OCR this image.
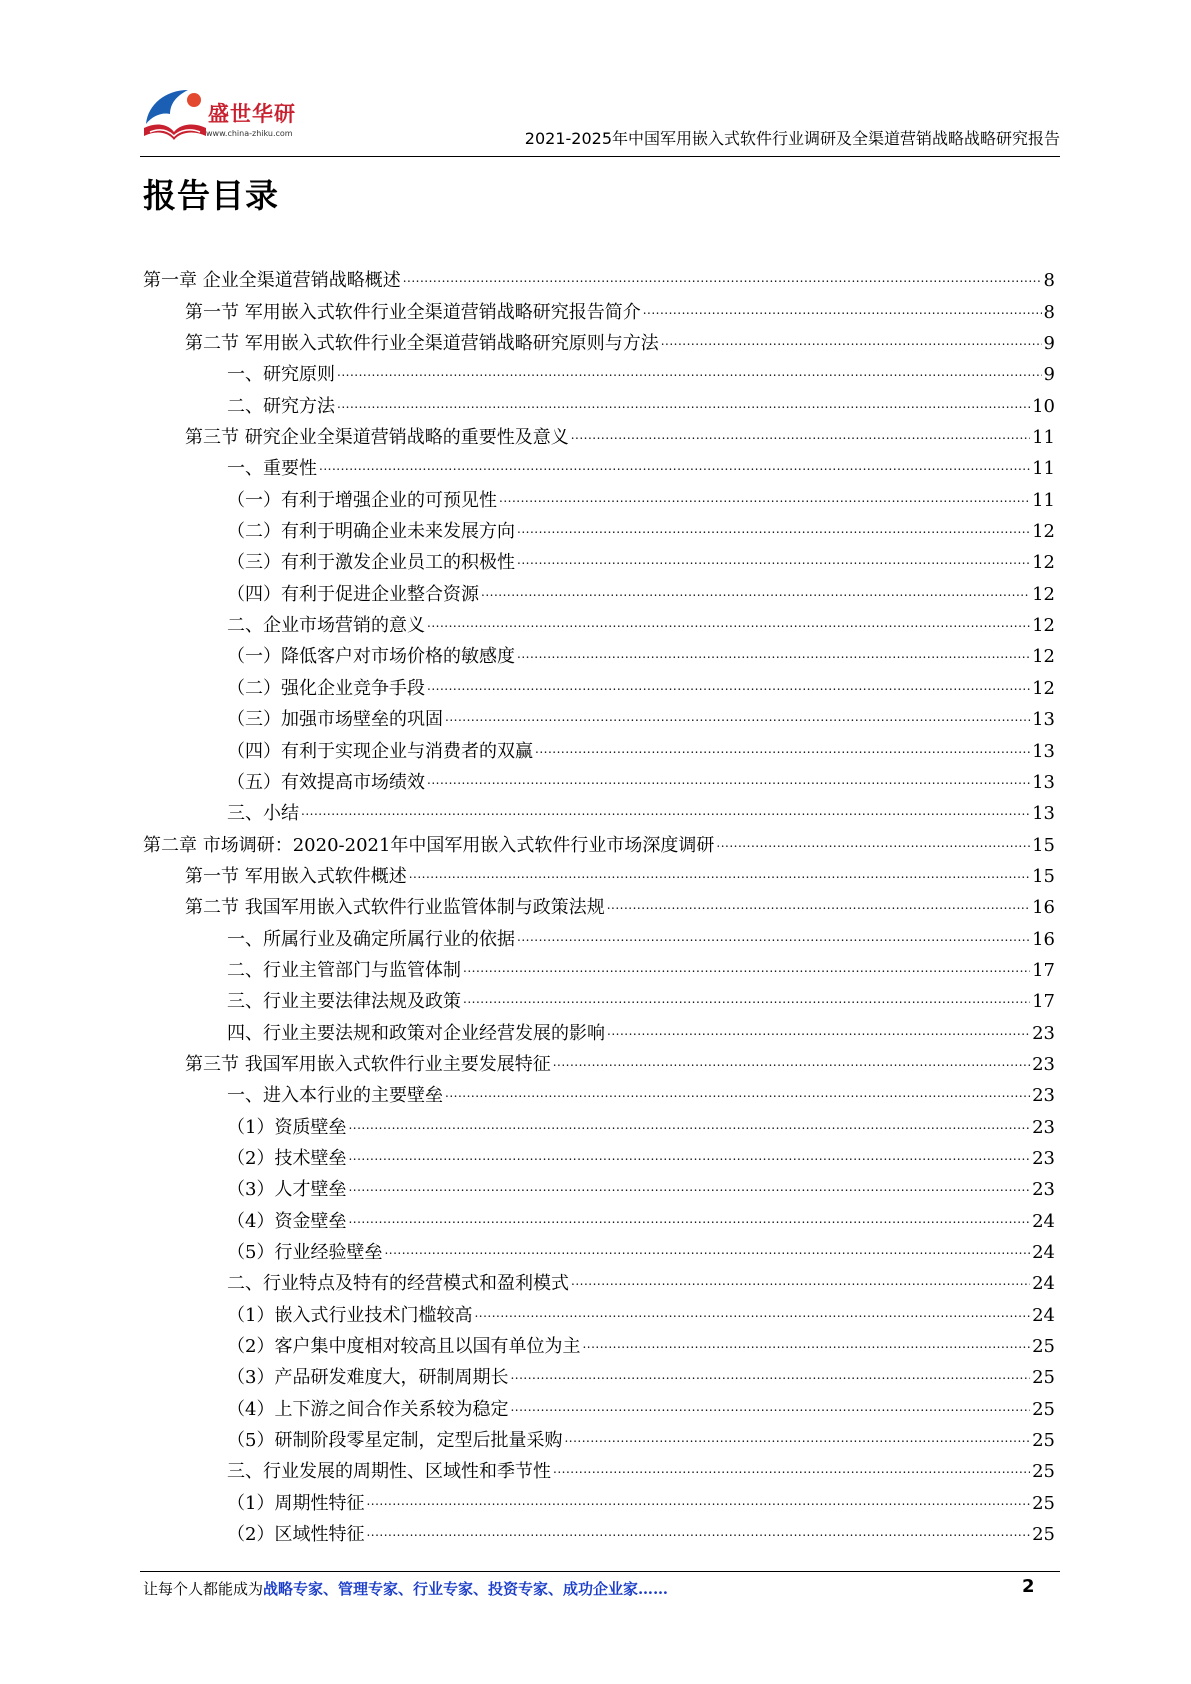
盛世华研
www.china-zhiku.com	2021-2025年中国军用嵌入式软件行业调研及全渠道营销战略战略研究报告
报告目录
第一章 企业全渠道营销战略概述 .....	8
第一节 军用嵌入式软件行业全渠道营销战略研究报告简介 .....	8
第二节 军用嵌入式软件行业全渠道营销战略研究原则与方法 .....	9
一、研究原则 .....	9
二、研究方法 .....	10
第三节 研究企业全渠道营销战略的重要性及意义 .....	11
一、重要性 .....	11
（一）有利于增强企业的可预见性 .....	11
（二）有利于明确企业未来发展方向 .....	12
（三）有利于激发企业员工的积极性 .....	12
（四）有利于促进企业整合资源 .....	12
二、企业市场营销的意义 .....	12
（一）降低客户对市场价格的敏感度 .....	12
（二）强化企业竞争手段 .....	12
（三）加强市场壁垒的巩固 .....	13
（四）有利于实现企业与消费者的双赢 .....	13
（五）有效提高市场绩效 .....	13
三、小结 .....	13
第二章 市场调研：2020-2021年中国军用嵌入式软件行业市场深度调研 .....	15
第一节 军用嵌入式软件概述 .....	15
第二节 我国军用嵌入式软件行业监管体制与政策法规 .....	16
一、所属行业及确定所属行业的依据 .....	16
二、行业主管部门与监管体制 .....	17
三、行业主要法律法规及政策 .....	17
四、行业主要法规和政策对企业经营发展的影响 .....	23
第三节 我国军用嵌入式软件行业主要发展特征 .....	23
一、进入本行业的主要壁垒 .....	23
（1）资质壁垒 .....	23
（2）技术壁垒 .....	23
（3）人才壁垒 .....	23
（4）资金壁垒 .....	24
（5）行业经验壁垒 .....	24
二、行业特点及特有的经营模式和盈利模式 .....	24
（1）嵌入式行业技术门槛较高 .....	24
（2）客户集中度相对较高且以国有单位为主 .....	25
（3）产品研发难度大，研制周期长 .....	25
（4）上下游之间合作关系较为稳定 .....	25
（5）研制阶段零星定制，定型后批量采购 .....	25
三、行业发展的周期性、区域性和季节性 .....	25
（1）周期性特征 .....	25
（2）区域性特征 .....	25
让每个人都能成为战略专家、管理专家、行业专家、投资专家、成功企业家……	2
